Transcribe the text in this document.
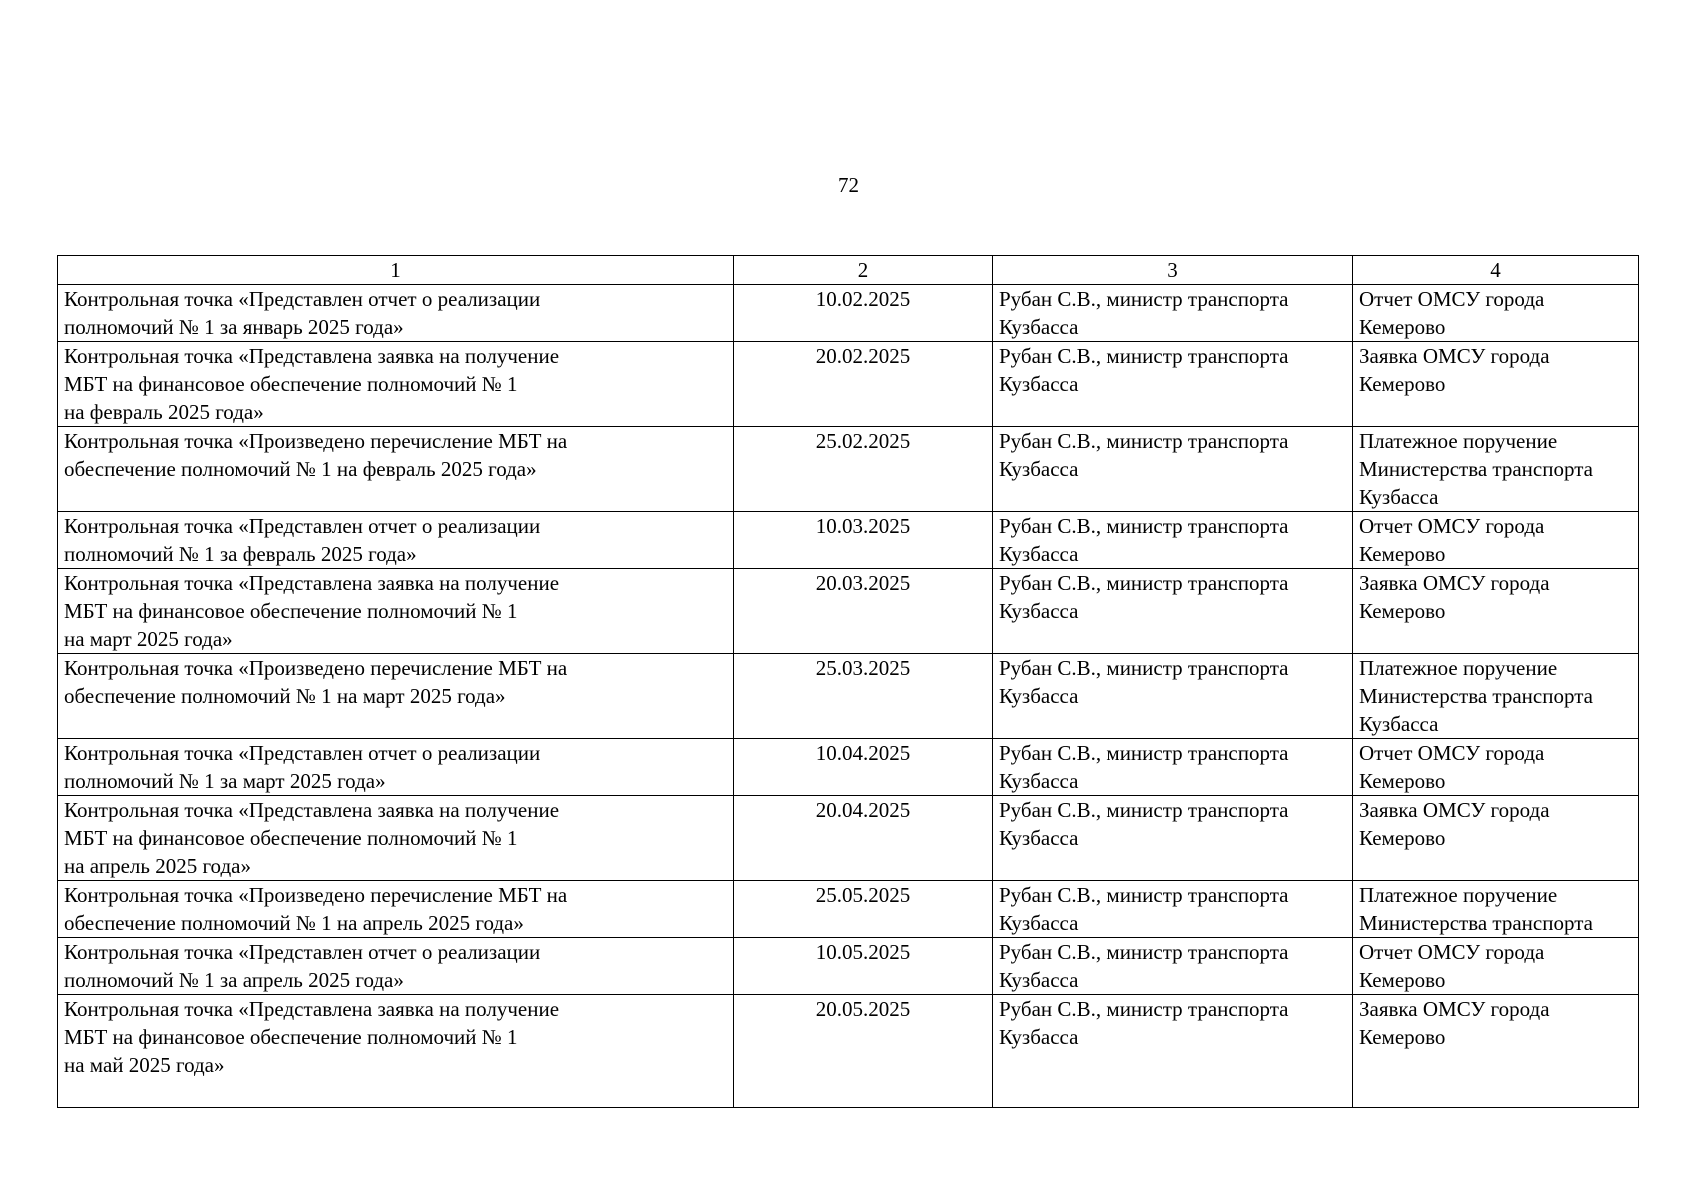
72
1	2	3	4

Контрольная точка «Представлен отчет о реализации
полномочий № 1 за январь 2025 года»	10.02.2025	Рубан С.В., министр транспорта
Кузбасса	Отчет ОМСУ города
Кемерово

Контрольная точка «Представлена заявка на получение
МБТ на финансовое обеспечение полномочий № 1
на февраль 2025 года»	20.02.2025	Рубан С.В., министр транспорта
Кузбасса	Заявка ОМСУ города
Кемерово

Контрольная точка «Произведено перечисление МБТ на
обеспечение полномочий № 1 на февраль 2025 года»	25.02.2025	Рубан С.В., министр транспорта
Кузбасса	Платежное поручение
Министерства транспорта
Кузбасса

Контрольная точка «Представлен отчет о реализации
полномочий № 1 за февраль 2025 года»	10.03.2025	Рубан С.В., министр транспорта
Кузбасса	Отчет ОМСУ города
Кемерово

Контрольная точка «Представлена заявка на получение
МБТ на финансовое обеспечение полномочий № 1
на март 2025 года»	20.03.2025	Рубан С.В., министр транспорта
Кузбасса	Заявка ОМСУ города
Кемерово

Контрольная точка «Произведено перечисление МБТ на
обеспечение полномочий № 1 на март 2025 года»	25.03.2025	Рубан С.В., министр транспорта
Кузбасса	Платежное поручение
Министерства транспорта
Кузбасса

Контрольная точка «Представлен отчет о реализации
полномочий № 1 за март 2025 года»	10.04.2025	Рубан С.В., министр транспорта
Кузбасса	Отчет ОМСУ города
Кемерово

Контрольная точка «Представлена заявка на получение
МБТ на финансовое обеспечение полномочий № 1
на апрель 2025 года»	20.04.2025	Рубан С.В., министр транспорта
Кузбасса	Заявка ОМСУ города
Кемерово

Контрольная точка «Произведено перечисление МБТ на
обеспечение полномочий № 1 на апрель 2025 года»	25.05.2025	Рубан С.В., министр транспорта
Кузбасса	Платежное поручение
Министерства транспорта

Контрольная точка «Представлен отчет о реализации
полномочий № 1 за апрель 2025 года»	10.05.2025	Рубан С.В., министр транспорта
Кузбасса	Отчет ОМСУ города
Кемерово

Контрольная точка «Представлена заявка на получение
МБТ на финансовое обеспечение полномочий № 1
на май 2025 года»	20.05.2025	Рубан С.В., министр транспорта
Кузбасса	Заявка ОМСУ города
Кемерово
